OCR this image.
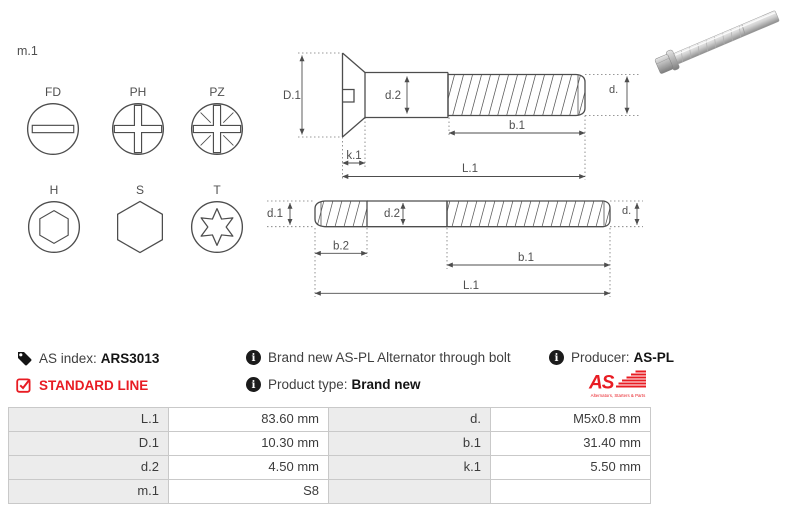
m.1
FD	PH	PZ
H	S	T
D.1	d.2
b.1
k.1
L.1
d.
d.1	d.2
b.2
b.1
L.1
d.
AS index: ARS3013
STANDARD LINE
i Brand new AS-PL Alternator through bolt
i Product type: Brand new
i Producer: AS-PL
AS
Alternators, Starters & Parts
L.1	83.60 mm	d.	M5x0.8 mm
D.1	10.30 mm	b.1	31.40 mm
d.2	4.50 mm	k.1	5.50 mm
m.1	S8
